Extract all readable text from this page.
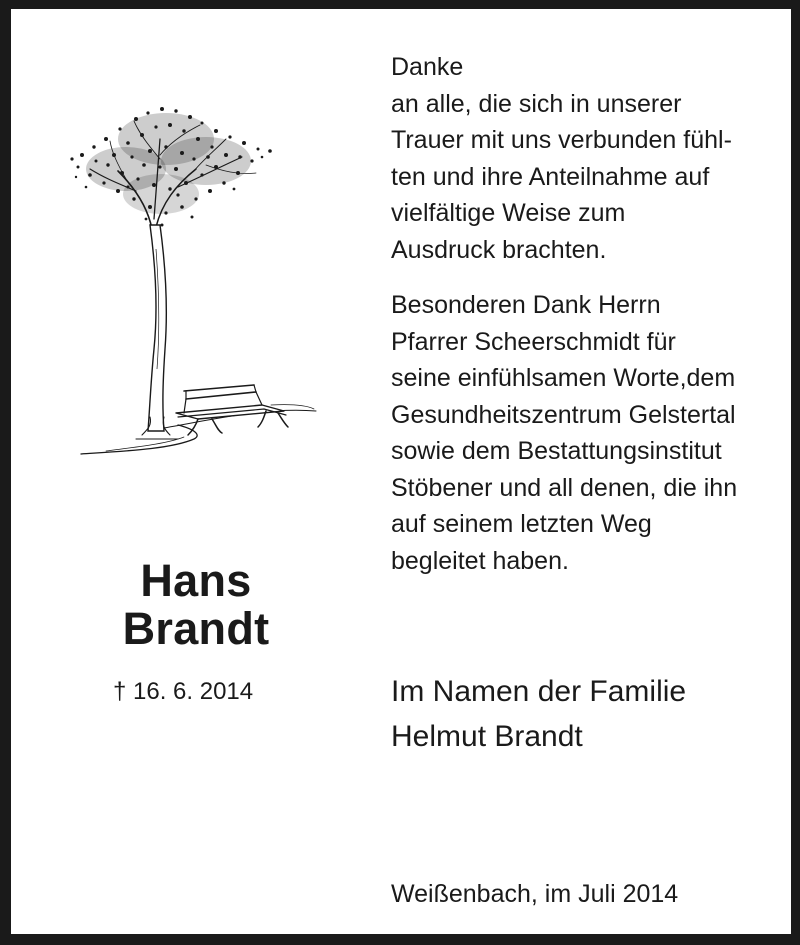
Hans
Brandt
† 16. 6. 2014
Danke
an alle, die sich in unserer
Trauer mit uns verbunden fühl-
ten und ihre Anteilnahme auf
vielfältige Weise zum
Ausdruck brachten.
Besonderen Dank Herrn
Pfarrer Scheerschmidt für
seine einfühlsamen Worte,dem
Gesundheitszentrum Gelstertal
sowie dem Bestattungsinstitut
Stöbener und all denen, die ihn
auf seinem letzten Weg
begleitet haben.
Im Namen der Familie
Helmut Brandt
Weißenbach, im Juli 2014
